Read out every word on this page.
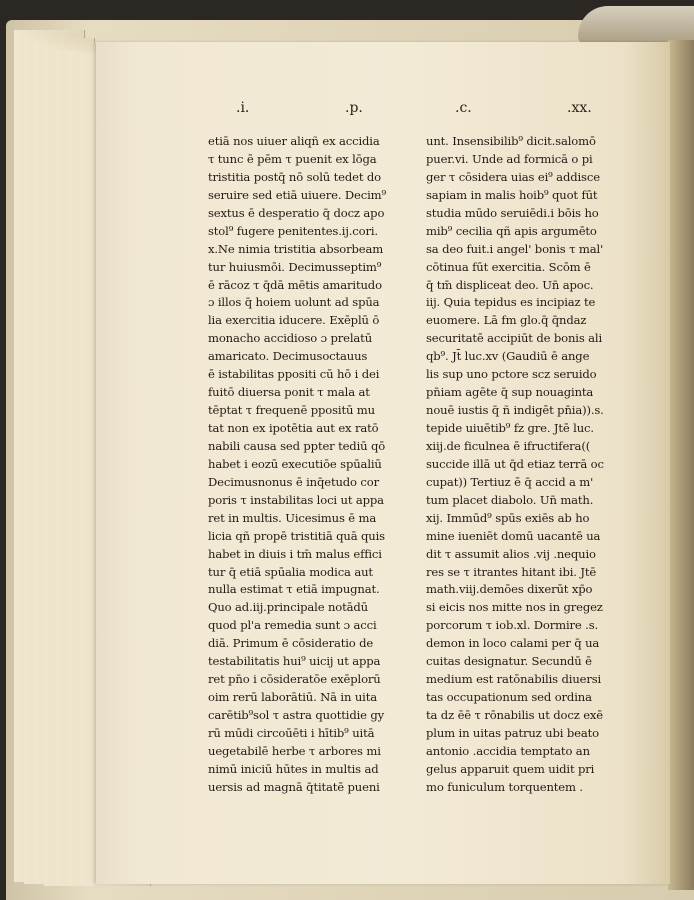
.i.	.p.	.c.	.xx.
etiā nos uiuer aliqñ ex accidia
τ tunc ē pēm τ puenit ex lōga
tristitia postq̄ nō solū tedet do
seruire sed etiā uiuere. Decim⁹
sextus ē desperatio q̄ docz apo
stol⁹ fugere penitentes.ij.cori.
x.Ne nimia tristitia absorbeam
tur huiusmōi. Decimusseptim⁹
ē rācoz τ q̄dā mētis amaritudo
ɔ illos q̄ hoiem uolunt ad spūa
lia exercitia iducere. Exēplū ō
monacho accidioso ɔ prelatū
amaricato. Decimusoctauus
ē istabilitas ppositi cū hō i dei
fuitō diuersa ponit τ mala at
tēptat τ frequenē ppositū mu
tat non ex ipotētia aut ex ratō
nabili causa sed ppter tediū qō
habet i eozū executiōe spūaliū
Decimusnonus ē inq̄etudo cor
poris τ instabilitas loci ut appa
ret in multis. Uicesimus ē ma
licia qñ propē tristitiā quā quis
habet in diuis i tm̄ malus effici
tur q̄ etiā spūalia modica aut
nulla estimat τ etiā impugnat.
Quo ad.iij.principale notādū
quod pl'a remedia sunt ɔ acci
diā. Primum ē cōsideratio de
testabilitatis hui⁹ uicij ut appa
ret pn̄o i cōsideratōe exēplorū
oim rerū laborātiū. Nā in uita
carētib⁹sol τ astra quottidie gy
rū mūdi circoūēti i hītib⁹ uitā
uegetabilē herbe τ arbores mi
nimū iniciū hūtes in multis ad
uersis ad magnā q̄titatē pueni
unt. Insensibilib⁹ dicit.salomō
puer.vi. Unde ad formicā o pi
ger τ cōsidera uias ei⁹ addisce
sapiam in malis hoib⁹ quot fūt
studia mūdo seruiēdi.i bōis ho
mib⁹ cecilia qñ apis argumēto
sa deo fuit.i angel' bonis τ mal'
cōtinua fūt exercitia. Scōm ē
q̄ tm̄ displiceat deo. Un̄ apoc.
iij. Quia tepidus es incipiaz te
euomere. Lā fm glo.q̄ q̄ndaz
securitatē accipiūt de bonis ali
qb⁹. Jt̄ luc.xv (Gaudiū ē ange
lis sup uno pctore scz seruido
pn̄iam agēte q̄ sup nouaginta
nouē iustis q̄ ñ indigēt pn̄ia)).s.
tepide uiuētib⁹ fz gre. Jtē luc.
xiij.de ficulnea ē ifructifera((
succide illā ut q̄d etiaz terrā oc
cupat)) Tertiuz ē q̄ accid a m'
tum placet diabolo. Un̄ math.
xij. Immūd⁹ spūs exiēs ab ho
mine iueniēt domū uacantē ua
dit τ assumit alios .vij .nequio
res se τ itrantes hitant ibi. Jtē
math.viij.demōes dixerūt xp̄o
si eicis nos mitte nos in gregez
porcorum τ iob.xl. Dormire .s.
demon in loco calami per q̄ ua
cuitas designatur. Secundū ē
medium est ratōnabilis diuersi
tas occupationum sed ordina
ta dz ēē τ rōnabilis ut docz exē
plum in uitas patruz ubi beato
antonio .accidia temptato an
gelus apparuit quem uidit pri
mo funiculum torquentem .
